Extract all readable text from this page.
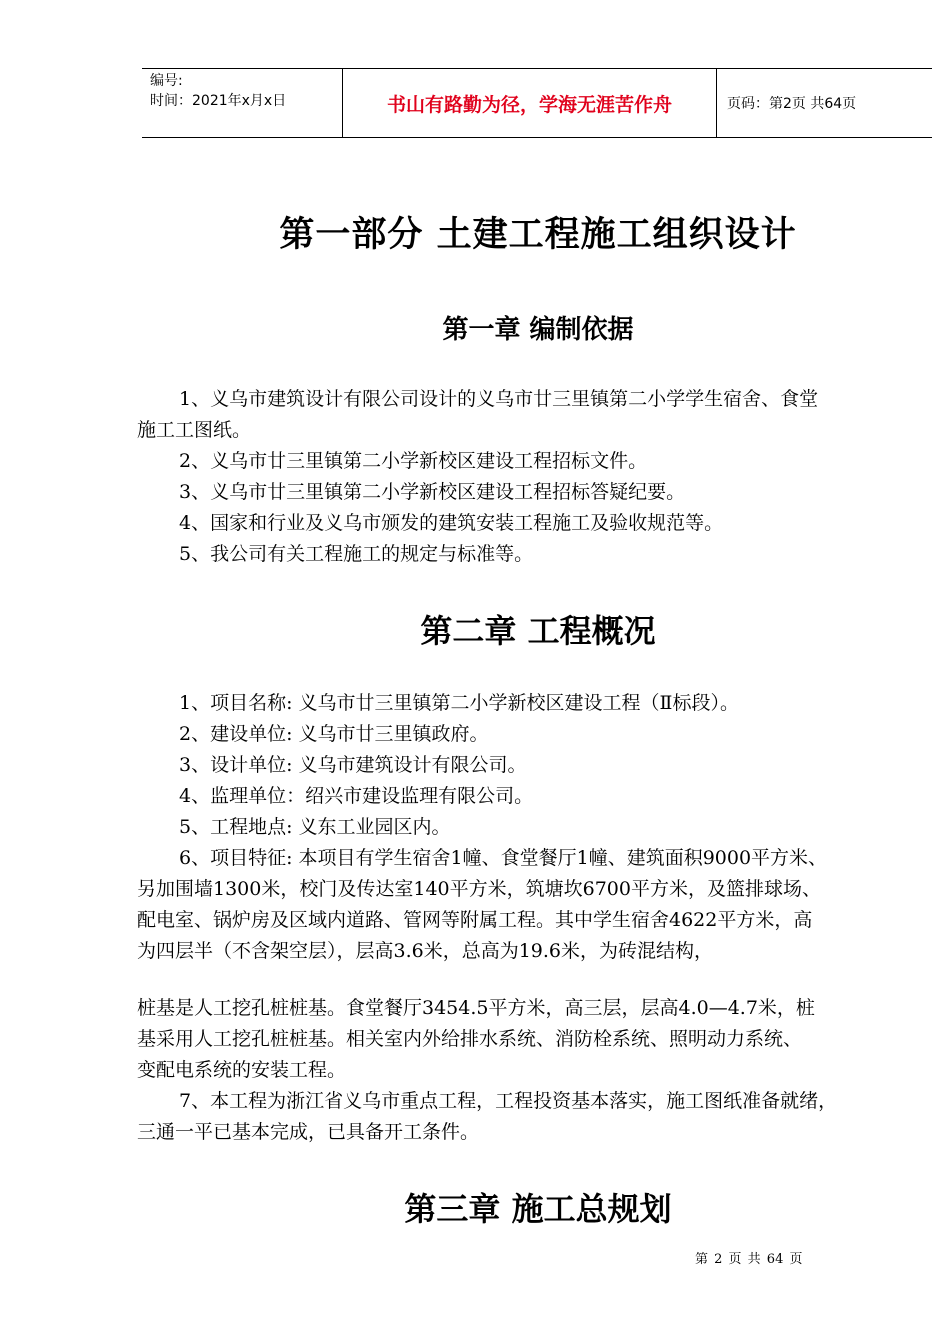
编号:
时间：2021年x月x日	书山有路勤为径，学海无涯苦作舟	页码：第2页 共64页
第一部分 土建工程施工组织设计
第一章 编制依据
1、义乌市建筑设计有限公司设计的义乌市廿三里镇第二小学学生宿舍、食堂
施工工图纸。
2、义乌市廿三里镇第二小学新校区建设工程招标文件。
3、义乌市廿三里镇第二小学新校区建设工程招标答疑纪要。
4、国家和行业及义乌市颁发的建筑安装工程施工及验收规范等。
5、我公司有关工程施工的规定与标准等。
第二章 工程概况
1、项目名称: 义乌市廿三里镇第二小学新校区建设工程（Ⅱ标段）。
2、建设单位: 义乌市廿三里镇政府。
3、设计单位: 义乌市建筑设计有限公司。
4、监理单位：绍兴市建设监理有限公司。
5、工程地点: 义东工业园区内。
6、项目特征: 本项目有学生宿舍1幢、食堂餐厅1幢、建筑面积9000平方米、
另加围墙1300米，校门及传达室140平方米，筑塘坎6700平方米，及篮排球场、
配电室、锅炉房及区域内道路、管网等附属工程。其中学生宿舍4622平方米，高
为四层半（不含架空层），层高3.6米，总高为19.6米，为砖混结构，
桩基是人工挖孔桩桩基。食堂餐厅3454.5平方米，高三层，层高4.0—4.7米，桩
基采用人工挖孔桩桩基。相关室内外给排水系统、消防栓系统、照明动力系统、
变配电系统的安装工程。
7、本工程为浙江省义乌市重点工程，工程投资基本落实，施工图纸准备就绪，
三通一平已基本完成，已具备开工条件。
第三章 施工总规划
第 2 页 共 64 页
